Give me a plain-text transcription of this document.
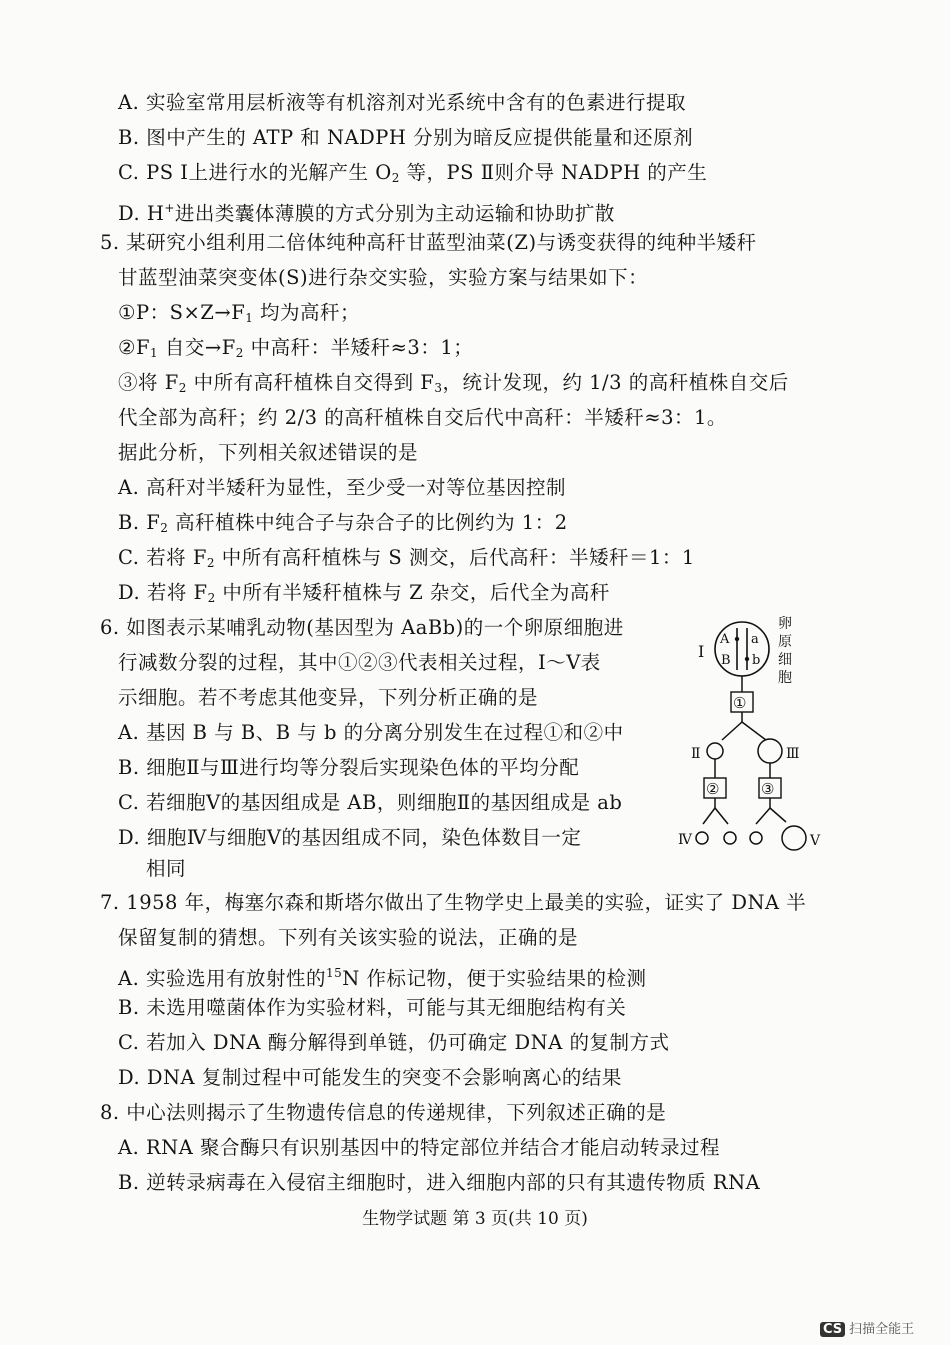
A. 实验室常用层析液等有机溶剂对光系统中含有的色素进行提取
B. 图中产生的 ATP 和 NADPH 分别为暗反应提供能量和还原剂
C. PS Ⅰ上进行水的光解产生 $O_2$ 等，PS Ⅱ则介导 NADPH 的产生
D. H+进出类囊体薄膜的方式分别为主动运输和协助扩散
5. 某研究小组利用二倍体纯种高秆甘蓝型油菜(Z)与诱变获得的纯种半矮秆
甘蓝型油菜突变体(S)进行杂交实验，实验方案与结果如下：
①P：$S\times Z\to F_1$ 均为高秆；
$②F_1$ 自交$\to F_2$ 中高秆：半矮秆≈3：1；
③将 $F_2$ 中所有高秆植株自交得到 $F_3$，统计发现，约 1/3 的高秆植株自交后
代全部为高秆；约 2/3 的高秆植株自交后代中高秆：半矮秆≈3：1。
据此分析，下列相关叙述错误的是
A. 高秆对半矮秆为显性，至少受一对等位基因控制
B. $F_2$ 高秆植株中纯合子与杂合子的比例约为 1：2
C. 若将 $F_2$ 中所有高秆植株与 S 测交，后代高秆：半矮秆＝1：1
D. 若将 $F_2$ 中所有半矮秆植株与 Z 杂交，后代全为高秆
6. 如图表示某哺乳动物(基因型为 AaBb)的一个卵原细胞进
行减数分裂的过程，其中①②③代表相关过程，Ⅰ～Ⅴ表
示细胞。若不考虑其他变异，下列分析正确的是
A. 基因 B 与 B、B 与 b 的分离分别发生在过程①和②中
B. 细胞Ⅱ与Ⅲ进行均等分裂后实现染色体的平均分配
C. 若细胞Ⅴ的基因组成是 AB，则细胞Ⅱ的基因组成是 ab
D. 细胞Ⅳ与细胞Ⅴ的基因组成不同，染色体数目一定
相同
Ⅰ
A a
B b
卵
原
细
胞
①
Ⅱ	Ⅲ
②	③
Ⅳ	Ⅴ
7. 1958 年，梅塞尔森和斯塔尔做出了生物学史上最美的实验，证实了 DNA 半
保留复制的猜想。下列有关该实验的说法，正确的是
A. 实验选用有放射性的$^{15}$N 作标记物，便于实验结果的检测
B. 未选用噬菌体作为实验材料，可能与其无细胞结构有关
C. 若加入 DNA 酶分解得到单链，仍可确定 DNA 的复制方式
D. DNA 复制过程中可能发生的突变不会影响离心的结果
8. 中心法则揭示了生物遗传信息的传递规律，下列叙述正确的是
A. RNA 聚合酶只有识别基因中的特定部位并结合才能启动转录过程
B. 逆转录病毒在入侵宿主细胞时，进入细胞内部的只有其遗传物质 RNA
生物学试题 第 3 页(共 10 页)
CS 扫描全能王
